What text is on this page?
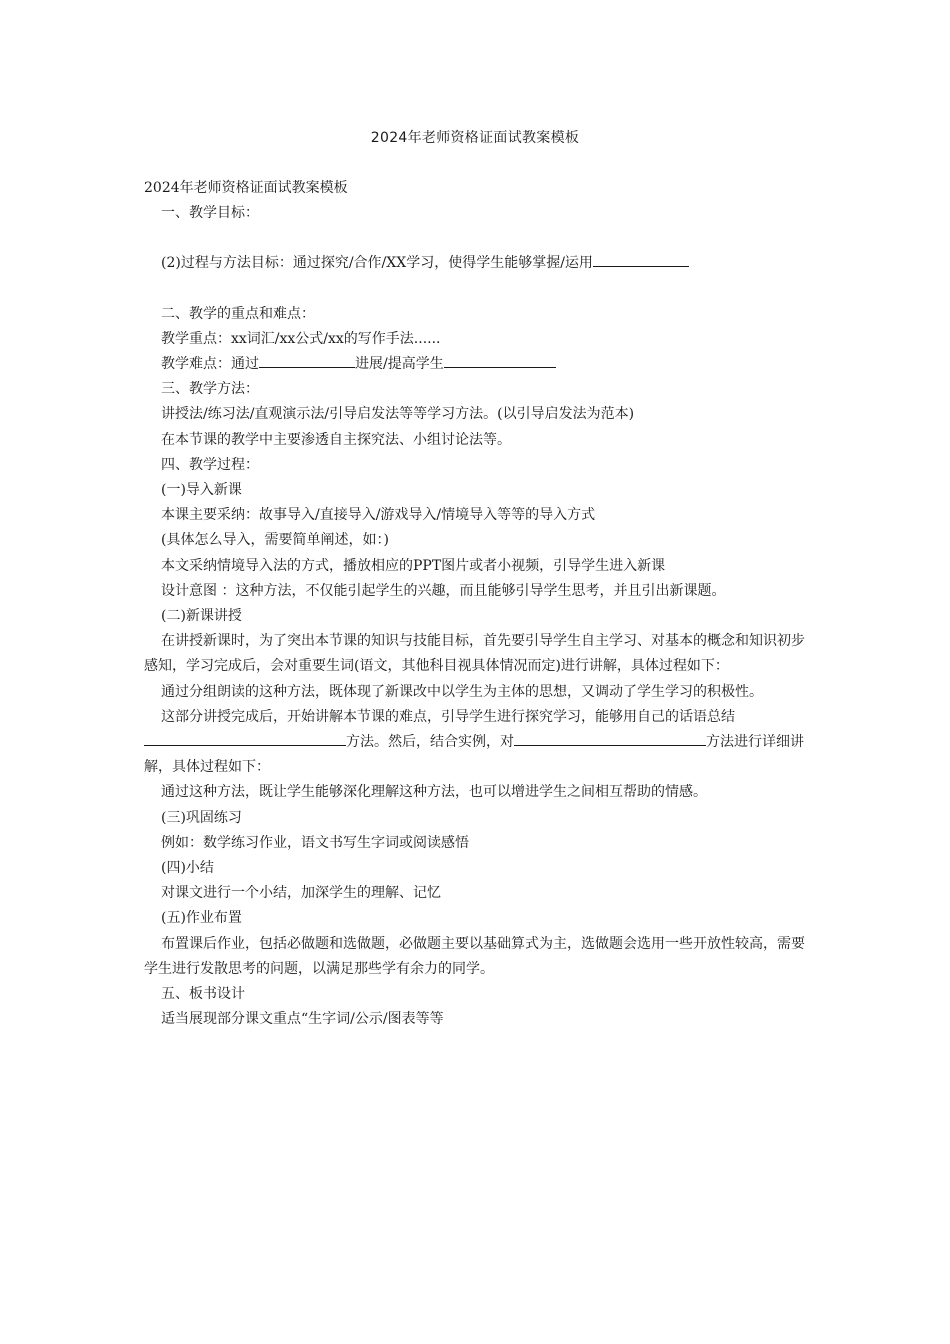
2024年老师资格证面试教案模板

2024年老师资格证面试教案模板

一、教学目标：

(2)过程与方法目标：通过探究/合作/XX学习，使得学生能够掌握/运用

二、教学的重点和难点：

教学重点：xx词汇/xx公式/xx的写作手法......

教学难点：通过	进展/提高学生

三、教学方法：

讲授法/练习法/直观演示法/引导启发法等等学习方法。(以引导启发法为范本)

在本节课的教学中主要渗透自主探究法、小组讨论法等。

四、教学过程：

(一)导入新课

本课主要采纳：故事导入/直接导入/游戏导入/情境导入等等的导入方式

(具体怎么导入，需要简单阐述，如：)

本文采纳情境导入法的方式，播放相应的PPT图片或者小视频，引导学生进入新课

设计意图 ：这种方法，不仅能引起学生的兴趣，而且能够引导学生思考，并且引出新课题。

(二)新课讲授

在讲授新课时，为了突出本节课的知识与技能目标，首先要引导学生自主学习、对基本的概念和知识初步感知，学习完成后，会对重要生词(语文，其他科目视具体情况而定)进行讲解，具体过程如下：

通过分组朗读的这种方法，既体现了新课改中以学生为主体的思想，又调动了学生学习的积极性。

这部分讲授完成后，开始讲解本节课的难点，引导学生进行探究学习，能够用自己的话语总结方法。然后，结合实例，对	方法进行详细讲解，具体过程如下：

通过这种方法，既让学生能够深化理解这种方法，也可以增进学生之间相互帮助的情感。

(三)巩固练习

例如：数学练习作业，语文书写生字词或阅读感悟

(四)小结

对课文进行一个小结，加深学生的理解、记忆

(五)作业布置

布置课后作业，包括必做题和选做题，必做题主要以基础算式为主，选做题会选用一些开放性较高，需要学生进行发散思考的问题，以满足那些学有余力的同学。

五、板书设计

适当展现部分课文重点“生字词/公示/图表等等
